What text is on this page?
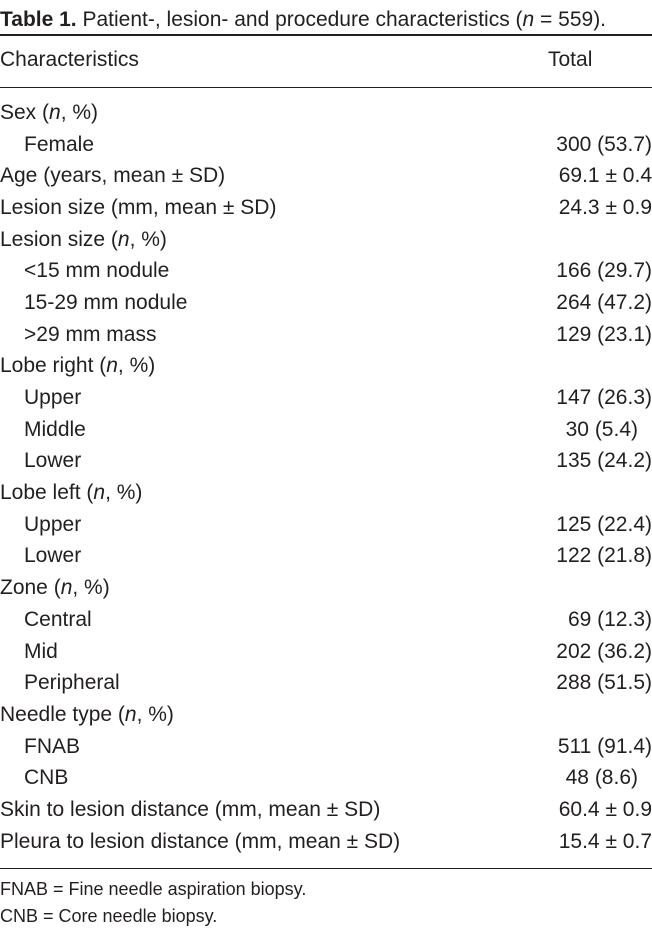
Table 1. Patient-, lesion- and procedure characteristics (n = 559).
Characteristics	Total
Sex (n, %)
Female	300 (53.7)
Age (years, mean ± SD)	69.1 ± 0.4
Lesion size (mm, mean ± SD)	24.3 ± 0.9
Lesion size (n, %)
<15 mm nodule	166 (29.7)
15-29 mm nodule	264 (47.2)
>29 mm mass	129 (23.1)
Lobe right (n, %)
Upper	147 (26.3)
Middle	30 (5.4)
Lower	135 (24.2)
Lobe left (n, %)
Upper	125 (22.4)
Lower	122 (21.8)
Zone (n, %)
Central	69 (12.3)
Mid	202 (36.2)
Peripheral	288 (51.5)
Needle type (n, %)
FNAB	511 (91.4)
CNB	48 (8.6)
Skin to lesion distance (mm, mean ± SD)	60.4 ± 0.9
Pleura to lesion distance (mm, mean ± SD)	15.4 ± 0.7
FNAB = Fine needle aspiration biopsy.
CNB = Core needle biopsy.
